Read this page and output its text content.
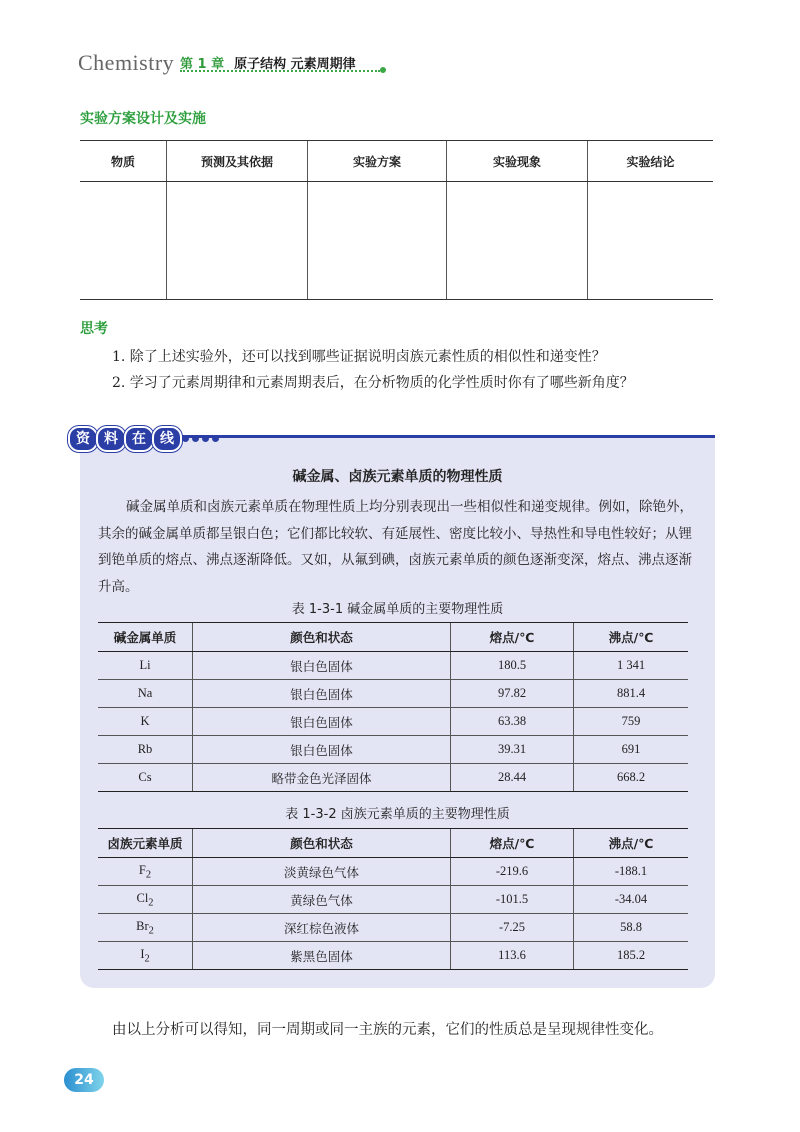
Chemistry 第 1 章 原子结构 元素周期律
实验方案设计及实施
物质	预测及其依据	实验方案	实验现象	实验结论

思考
1. 除了上述实验外，还可以找到哪些证据说明卤族元素性质的相似性和递变性？
2. 学习了元素周期律和元素周期表后，在分析物质的化学性质时你有了哪些新角度？
资 料 在 线
碱金属、卤族元素单质的物理性质
碱金属单质和卤族元素单质在物理性质上均分别表现出一些相似性和递变规律。例如，除铯外，其余的碱金属单质都呈银白色；它们都比较软、有延展性、密度比较小、导热性和导电性较好；从锂到铯单质的熔点、沸点逐渐降低。又如，从氟到碘，卤族元素单质的颜色逐渐变深，熔点、沸点逐渐升高。
表 1-3-1 碱金属单质的主要物理性质
碱金属单质	颜色和状态	熔点/℃	沸点/℃
Li	银白色固体	180.5	1 341
Na	银白色固体	97.82	881.4
K	银白色固体	63.38	759
Rb	银白色固体	39.31	691
Cs	略带金色光泽固体	28.44	668.2
表 1-3-2 卤族元素单质的主要物理性质
卤族元素单质	颜色和状态	熔点/℃	沸点/℃
$F_2$	淡黄绿色气体	-219.6	-188.1
$Cl_2$	黄绿色气体	-101.5	-34.04
$Br_2$	深红棕色液体	-7.25	58.8
$I_2$	紫黑色固体	113.6	185.2
由以上分析可以得知，同一周期或同一主族的元素，它们的性质总是呈现规律性变化。
24
